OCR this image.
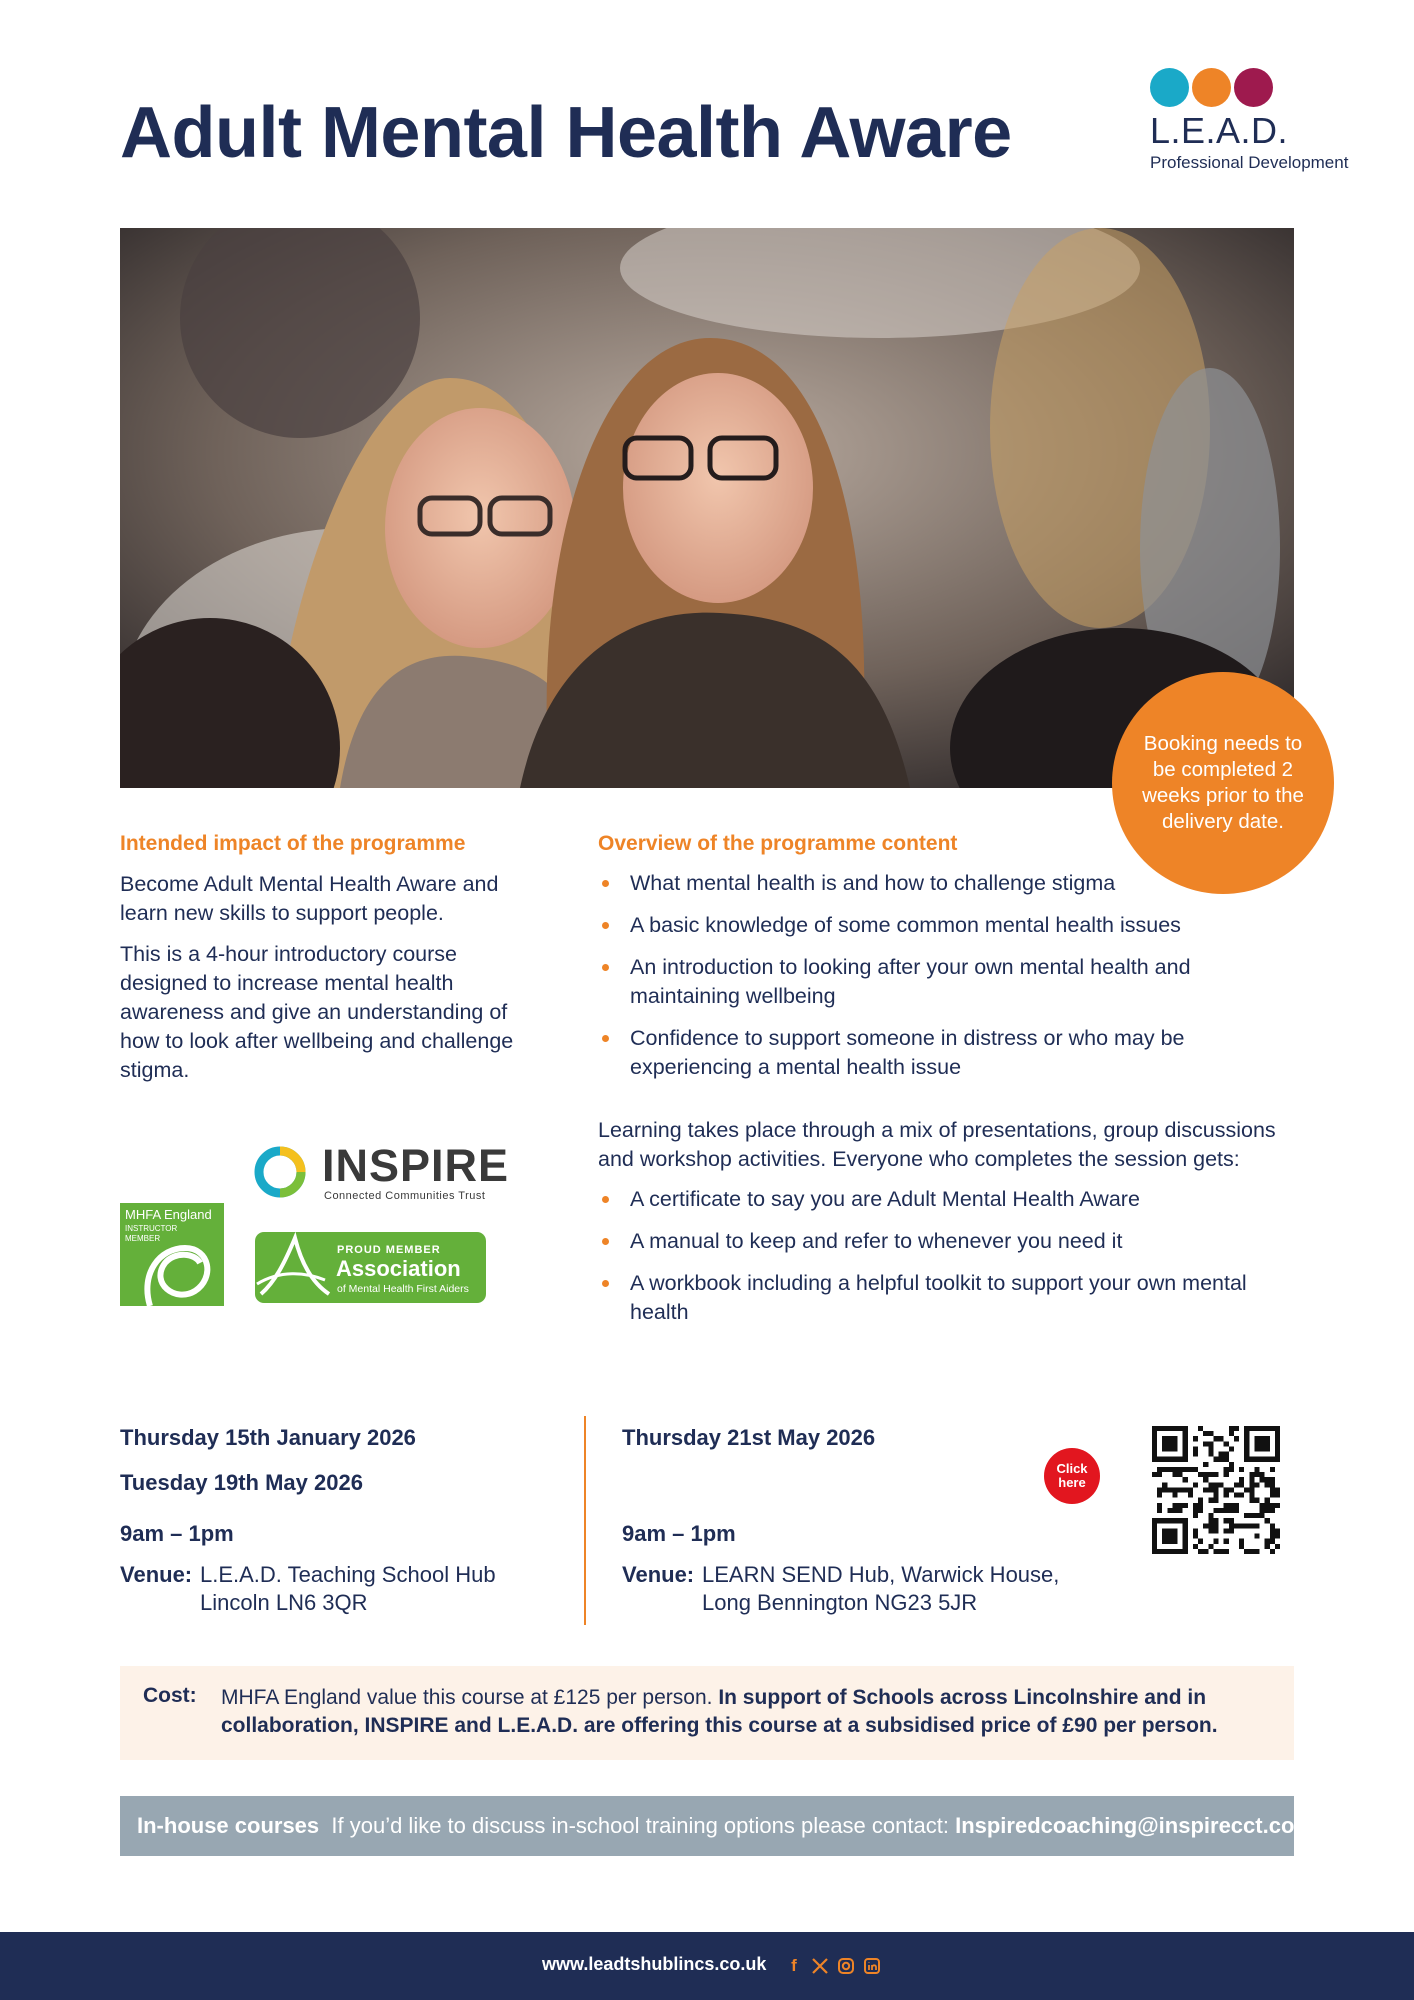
Adult Mental Health Aware	L.E.A.D.
Professional Development
Booking needs to be completed 2 weeks prior to the delivery date.
Intended impact of the programme

Become Adult Mental Health Aware and learn new skills to support people.

This is a 4-hour introductory course designed to increase mental health awareness and give an understanding of how to look after wellbeing and challenge stigma.

Overview of the programme content
What mental health is and how to challenge stigma
A basic knowledge of some common mental health issues
An introduction to looking after your own mental health and maintaining wellbeing
Confidence to support someone in distress or who may be experiencing a mental health issue

Learning takes place through a mix of presentations, group discussions and workshop activities. Everyone who completes the session gets:

A certificate to say you are Adult Mental Health Aware
A manual to keep and refer to whenever you need it
A workbook including a helpful toolkit to support your own mental health
INSPIRE
Connected Communities Trust
MHFA England
INSTRUCTOR MEMBER
PROUD MEMBER
Association
of Mental Health First Aiders
Thursday 15th January 2026
Tuesday 19th May 2026
9am – 1pm
Venue: L.E.A.D. Teaching School Hub
Lincoln LN6 3QR
Thursday 21st May 2026
9am – 1pm
Venue: LEARN SEND Hub, Warwick House,
Long Bennington NG23 5JR
Click here
Cost: MHFA England value this course at £125 per person. In support of Schools across Lincolnshire and in collaboration, INSPIRE and L.E.A.D. are offering this course at a subsidised price of £90 per person.
In-house courses If you’d like to discuss in-school training options please contact: Inspiredcoaching@inspirecct.co.uk
www.leadtshublincs.co.uk	f
